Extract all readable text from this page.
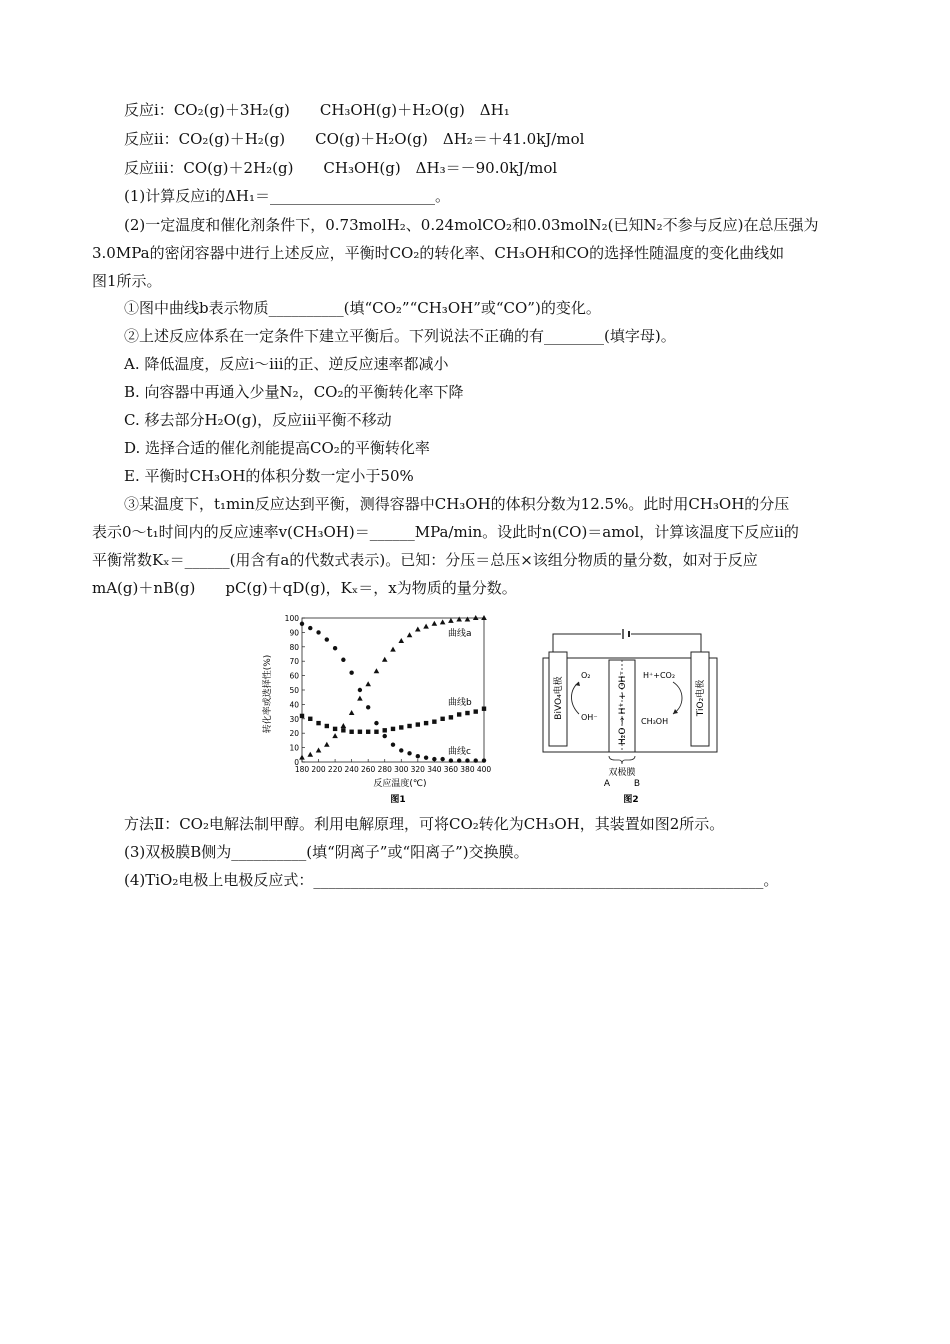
反应ⅰ：CO₂(g)＋3H₂(g)　　CH₃OH(g)＋H₂O(g)　ΔH₁
反应ⅱ：CO₂(g)＋H₂(g)　　CO(g)＋H₂O(g)　ΔH₂＝＋41.0kJ/mol
反应ⅲ：CO(g)＋2H₂(g)　　CH₃OH(g)　ΔH₃＝－90.0kJ/mol
(1)计算反应ⅰ的ΔH₁＝______________________。
(2)一定温度和催化剂条件下，0.73molH₂、0.24molCO₂和0.03molN₂(已知N₂不参与反应)在总压强为
3.0MPa的密闭容器中进行上述反应，平衡时CO₂的转化率、CH₃OH和CO的选择性随温度的变化曲线如
图1所示。
①图中曲线b表示物质__________(填“CO₂”“CH₃OH”或“CO”)的变化。
②上述反应体系在一定条件下建立平衡后。下列说法不正确的有________(填字母)。
A. 降低温度，反应ⅰ～ⅲ的正、逆反应速率都减小
B. 向容器中再通入少量N₂，CO₂的平衡转化率下降
C. 移去部分H₂O(g)，反应ⅲ平衡不移动
D. 选择合适的催化剂能提高CO₂的平衡转化率
E. 平衡时CH₃OH的体积分数一定小于50%
③某温度下，t₁min反应达到平衡，测得容器中CH₃OH的体积分数为12.5%。此时用CH₃OH的分压
表示0～t₁时间内的反应速率v(CH₃OH)＝______MPa/min。设此时n(CO)＝amol，计算该温度下反应ⅱ的
平衡常数Kₓ＝______(用含有a的代数式表示)。已知：分压＝总压×该组分物质的量分数，如对于反应
mA(g)＋nB(g)　　pC(g)＋qD(g)，Kₓ＝，x为物质的量分数。
0
10
20
30
40
50
60
70
80
90
100
180 200 220 240 260 280 300 320 340 360 380 400
转化率或选择性(%)
反应温度(℃)
图1
曲线a
曲线b
曲线c
BiVO₄电极	TiO₂电极
H₂O → H⁺ + OH⁻
O₂
OH⁻
H⁺+CO₂
CH₃OH
双极膜
A	B
图2
方法Ⅱ：CO₂电解法制甲醇。利用电解原理，可将CO₂转化为CH₃OH，其装置如图2所示。
(3)双极膜B侧为__________(填“阴离子”或“阳离子”)交换膜。
(4)TiO₂电极上电极反应式：____________________________________________________________。
